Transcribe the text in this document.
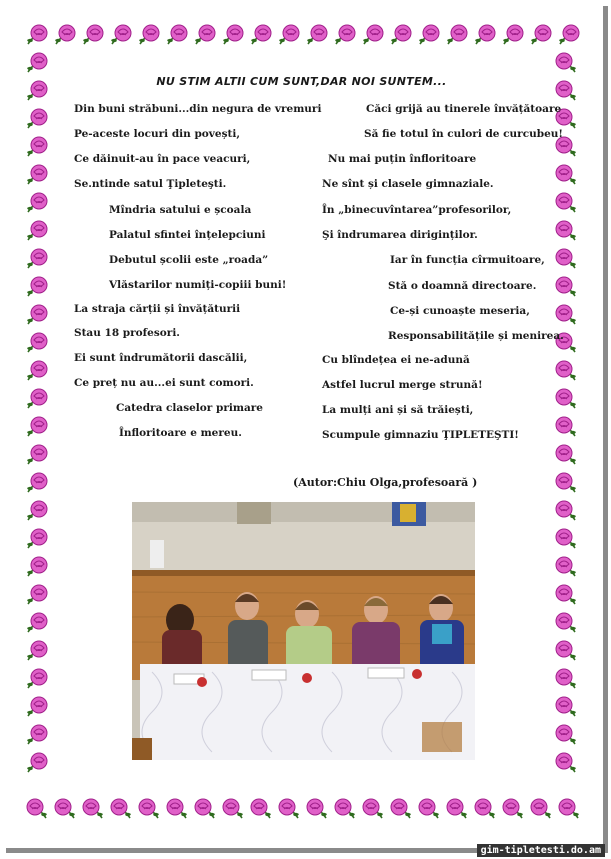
NU STIM ALTII CUM SUNT,DAR NOI SUNTEM...
Din buni străbuni...din negura de vremuri
Pe-aceste locuri din povești,
Ce dăinuit-au în pace veacuri,
Se.ntinde satul Ţipleteşti.
Mîndria satului e școala
Palatul sfintei înțelepciuni
Debutul școlii este „roada”
Vlăstarilor numiți-copiii buni!
La straja cărții și învățăturii
Stau 18 profesori.
Ei sunt îndrumătorii dascălii,
Ce preț nu au...ei sunt comori.
Catedra claselor primare
Înfloritoare e mereu.
Căci grijă au tinerele învățătoare
Să fie totul în culori de curcubeu!
Nu mai puțin înfloritoare
Ne sînt și clasele gimnaziale.
În „binecuvîntarea”profesorilor,
Şi îndrumarea diriginților.
Iar în funcția cîrmuitoare,
Stă o doamnă directoare.
Ce-și cunoaște meseria,
Responsabilitățile și menirea.
Cu blîndețea ei ne-adună
Astfel lucrul merge strună!
La mulți ani și să trăiești,
Scumpule gimnaziu ŢIPLETEŞTI!
(Autor:Chiu Olga,profesoară )
gim-tipletesti.do.am
